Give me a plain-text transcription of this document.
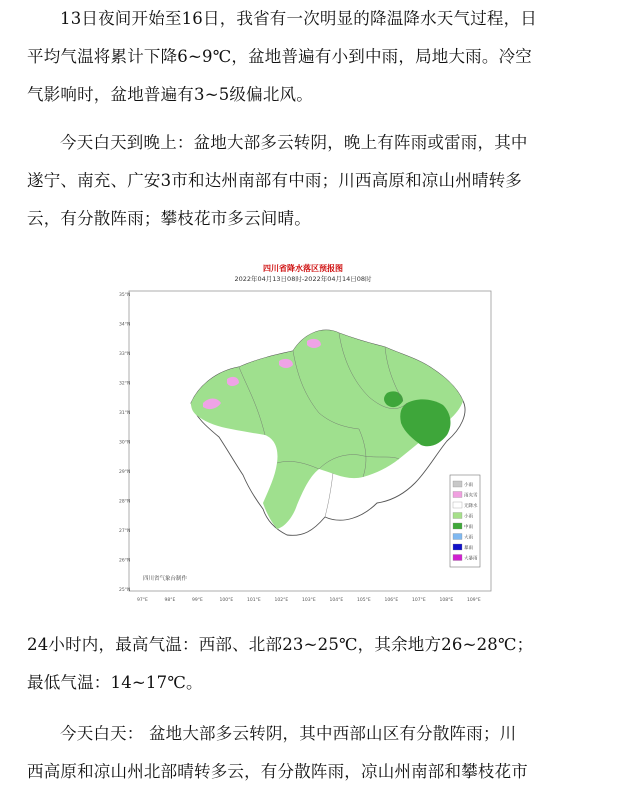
13日夜间开始至16日，我省有一次明显的降温降水天气过程，日
平均气温将累计下降6~9℃，盆地普遍有小到中雨，局地大雨。冷空
气影响时，盆地普遍有3~5级偏北风。
今天白天到晚上：盆地大部多云转阴，晚上有阵雨或雷雨，其中
遂宁、南充、广安3市和达州南部有中雨；川西高原和凉山州晴转多
云，有分散阵雨；攀枝花市多云间晴。
四川省降水落区预报图
2022年04月13日08时-2022年04月14日08时
小雨
雨夹雪
无降水
小雨
中雨
大雨
暴雨
大暴雨
四川省气象台制作
35°N
34°N
33°N
32°N
31°N
30°N
29°N
28°N
27°N
26°N
25°N
97°E	98°E	99°E	100°E	101°E	102°E	103°E	104°E	105°E	106°E	107°E	108°E	109°E
24小时内，最高气温：西部、北部23~25℃，其余地方26~28℃；
最低气温：14~17℃。
今天白天： 盆地大部多云转阴，其中西部山区有分散阵雨；川
西高原和凉山州北部晴转多云，有分散阵雨，凉山州南部和攀枝花市
